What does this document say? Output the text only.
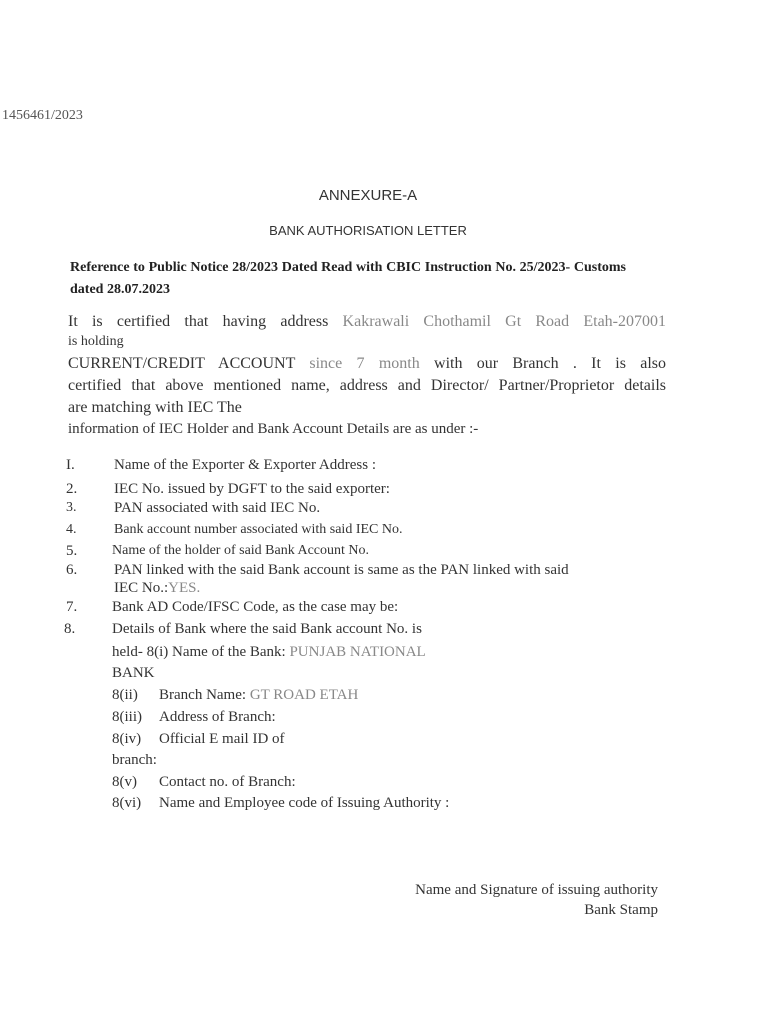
1456461/2023
ANNEXURE-A
BANK AUTHORISATION LETTER
Reference to Public Notice 28/2023 Dated Read with CBIC Instruction No. 25/2023- Customs dated 28.07.2023
It is certified that having address Kakrawali Chothamil Gt Road Etah-207001
is holding
CURRENT/CREDIT ACCOUNT since 7 month with our Branch . It is also
certified that above mentioned name, address and Director/ Partner/Proprietor details
are matching with IEC The
information of IEC Holder and Bank Account Details are as under :-
I.	Name of the Exporter & Exporter Address :
2. IEC No. issued by DGFT to the said exporter:
3.	PAN associated with said IEC No.
4.	Bank account number associated with said IEC No.
5. Name of the holder of said Bank Account No.
6. PAN linked with the said Bank account is same as the PAN linked with said
IEC No.:YES.
7. Bank AD Code/IFSC Code, as the case may be:
8. Details of Bank where the said Bank account No. is
held- 8(i) Name of the Bank: PUNJAB NATIONAL
BANK
8(ii) Branch Name: GT ROAD ETAH
8(iii) Address of Branch:
8(iv) Official E mail ID of
branch:
8(v) Contact no. of Branch:
8(vi) Name and Employee code of Issuing Authority :
Name and Signature of issuing authority
Bank Stamp
